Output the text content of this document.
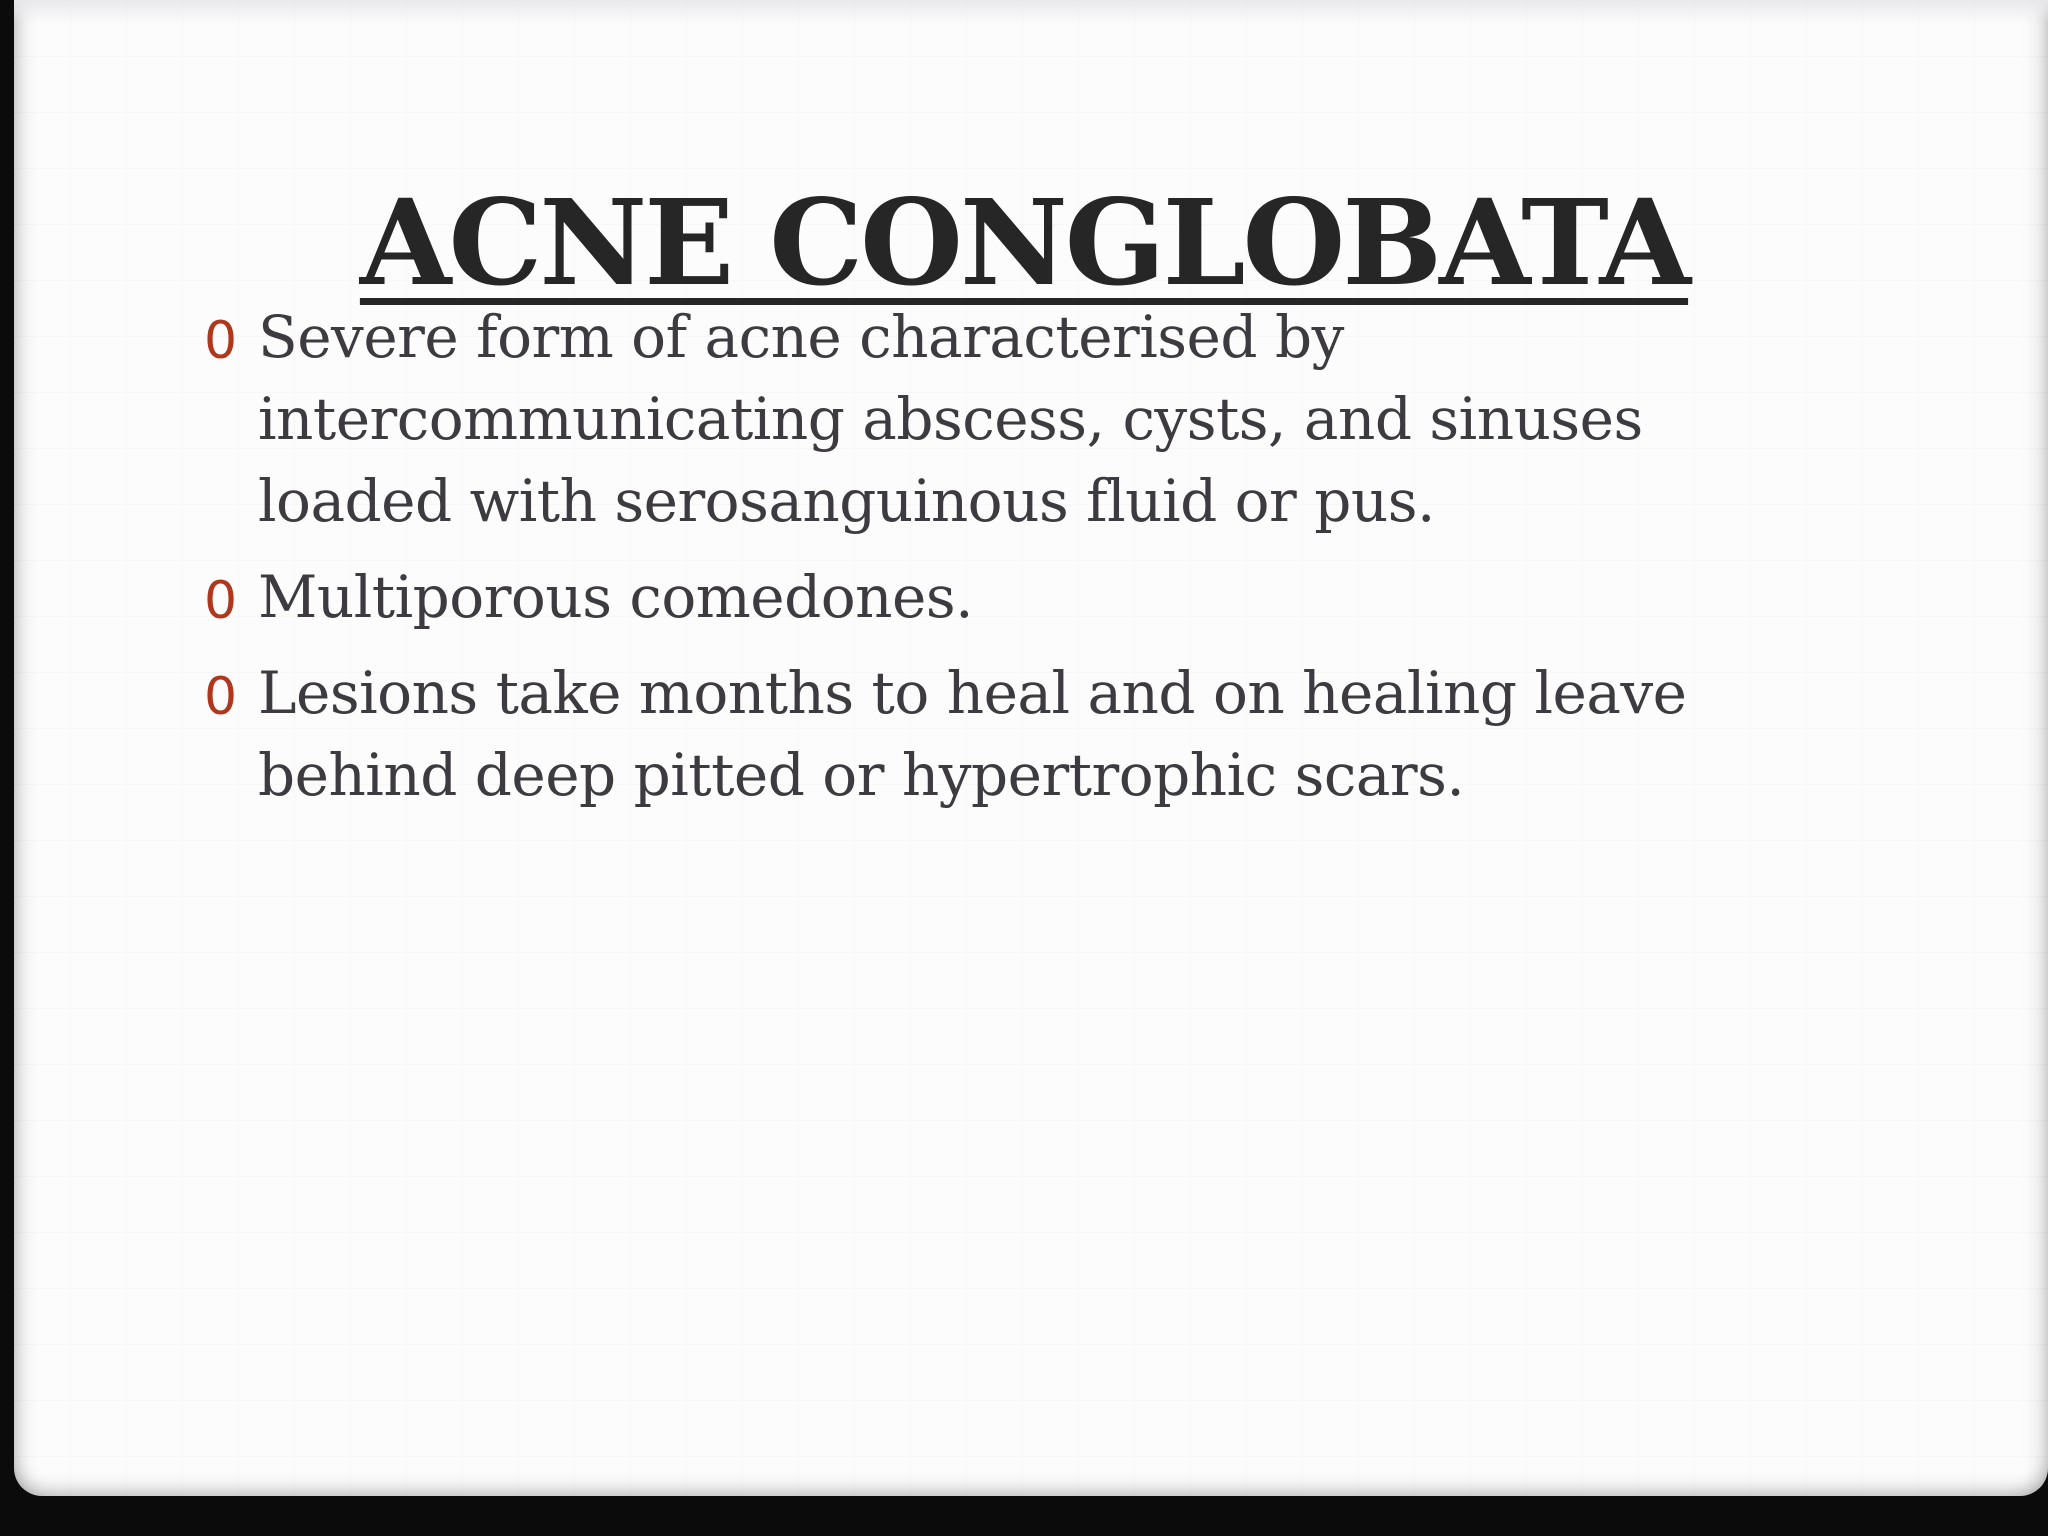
ACNE CONGLOBATA
0 Severe form of acne characterised by intercommunicating abscess, cysts, and sinuses loaded with serosanguinous fluid or pus.
0 Multiporous comedones.
0 Lesions take months to heal and on healing leave behind deep pitted or hypertrophic scars.
